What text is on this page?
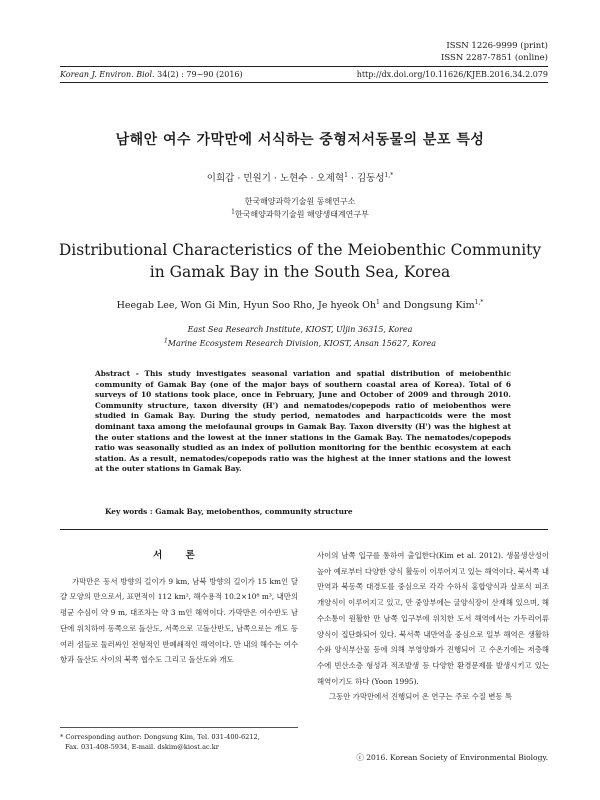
ISSN 1226-9999 (print)
ISSN 2287-7851 (online)
Korean J. Environ. Biol. 34(2) : 79~90 (2016)	http://dx.doi.org/10.11626/KJEB.2016.34.2.079
남해안 여수 가막만에 서식하는 중형저서동물의 분포 특성
이희갑 · 민원기 · 노현수 · 오제혁$^1$ · 김동성$^{1,*}$
한국해양과학기술원 동해연구소
$^1$한국해양과학기술원 해양생태계연구부
Distributional Characteristics of the Meiobenthic Community
in Gamak Bay in the South Sea, Korea
Heegab Lee, Won Gi Min, Hyun Soo Rho, Je hyeok Oh$^1$ and Dongsung Kim$^{1,*}$
East Sea Research Institute, KIOST, Uljin 36315, Korea
$^1$Marine Ecosystem Research Division, KIOST, Ansan 15627, Korea
Abstract - This study investigates seasonal variation and spatial distribution of meiobenthic community of Gamak Bay (one of the major bays of southern coastal area of Korea). Total of 6 surveys of 10 stations took place, once in February, June and October of 2009 and through 2010. Community structure, taxon diversity (H') and nematodes/copepods ratio of meiobenthos were studied in Gamak Bay. During the study period, nematodes and harpacticoids were the most dominant taxa among the meiofaunal groups in Gamak Bay. Taxon diversity (H') was the highest at the outer stations and the lowest at the inner stations in the Gamak Bay. The nematodes/copepods ratio was seasonally studied as an index of pollution monitoring for the benthic ecosystem at each station. As a result, nematodes/copepods ratio was the highest at the inner stations and the lowest at the outer stations in Gamak Bay.
Key words : Gamak Bay, meiobenthos, community structure
서 론

가막만은 동서 방향의 길이가 9 km, 남북 방향의 길이가 15 km인 달걀 모양의 만으로서, 표면적이 112 km², 해수용적 10.2×10⁸ m³, 내만의 평균 수심이 약 9 m, 대조차는 약 3 m인 해역이다. 가막만은 여수반도 남단에 위치하여 동쪽으로 돌산도, 서쪽으로 고돌산반도, 남쪽으로는 개도 등 여러 섬들로 둘러싸인 전형적인 반폐쇄적인 해역이다. 만 내의 해수는 여수항과 돌산도 사이의 북쪽 협수도 그리고 돌산도와 개도

사이의 남쪽 입구를 통하여 출입한다(Kim et al. 2012). 생물생산성이 높아 예로부터 다양한 양식 활동이 이루어지고 있는 해역이다. 북서쪽 내만역과 북동쪽 대경도를 중심으로 각각 수하식 홍합양식과 살포식 피조개양식이 이루어지고 있고, 만 중앙부에는 굴양식장이 산재해 있으며, 해수소통이 원활한 만 남쪽 입구부에 위치한 도서 해역에서는 가두리어류양식이 집단화되어 있다. 북서쪽 내만역을 중심으로 일부 해역은 생활하수와 양식부산물 등에 의해 부영양화가 진행되어 고 수온기에는 저층해수에 빈산소층 형성과 적조발생 등 다양한 환경문제를 발생시키고 있는 해역이기도 하다 (Yoon 1995).

그동안 가막만에서 진행되어 온 연구는 주로 수질 변동 특

* Corresponding author: Dongsung Kim, Tel. 031-400-6212,
Fax. 031-408-5934, E-mail. dskim@kiost.ac.kr
ⓒ 2016. Korean Society of Environmental Biology.
